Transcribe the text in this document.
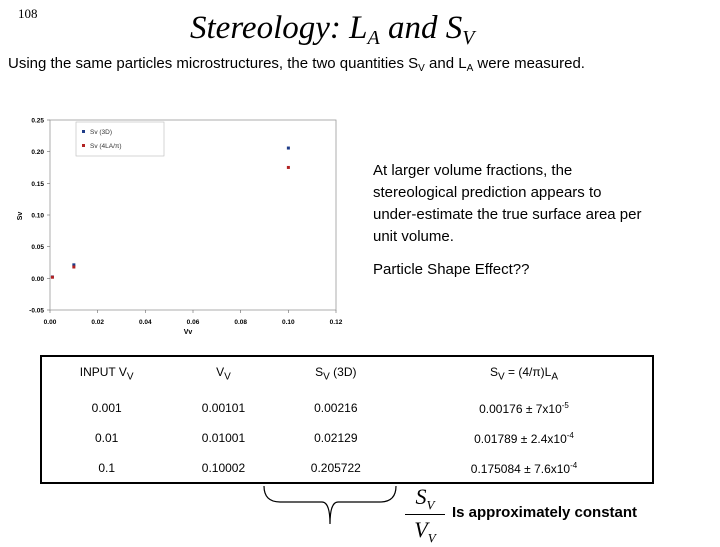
108	Stereology: $L_A$ and $S_V$
Using the same particles microstructures, the two quantities $S_V$ and $L_A$ were measured.
0.00	0.02	0.04	0.06	0.08	0.10	0.12
-0.05
0.00
0.05
0.10
0.15
0.20
0.25
Sv (3D)
Sv (4LA/π)
Vv
Sv

At larger volume fractions, the stereological prediction appears to under-estimate the true surface area per unit volume.

Particle Shape Effect??

INPUT $V_V$	$V_V$	$S_V$ (3D)	$S_V = (4/\pi)L_A$
0.001	0.00101	0.00216	$0.00176 \pm 7x10^{-5}$
0.01	0.01001	0.02129	$0.01789 \pm 2.4x10^{-4}$
0.1	0.10002	0.205722	$0.175084 \pm 7.6x10^{-4}$
$\frac{S_V}{V_V}$ Is approximately constant
